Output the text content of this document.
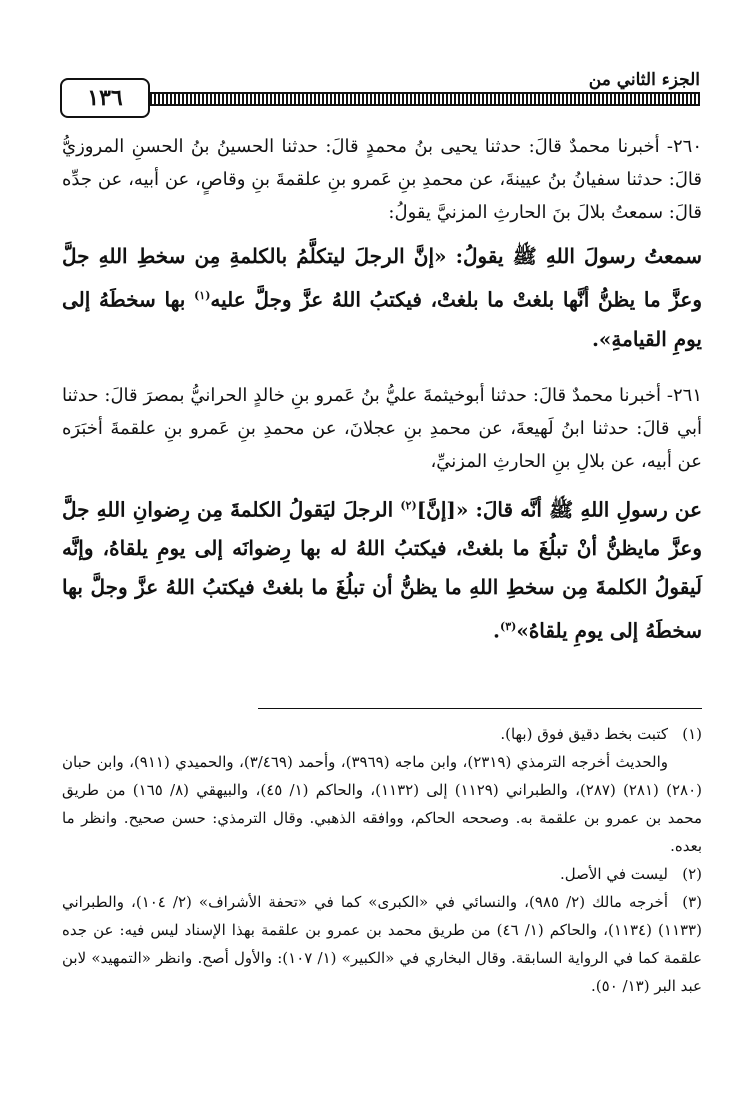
١٣٦
الجزء الثاني من

٢٦٠- أخبرنا محمدٌ قالَ: حدثنا يحيى بنُ محمدٍ قالَ: حدثنا الحسينُ بنُ الحسنِ المروزيُّ قالَ: حدثنا سفيانُ بنُ عيينةَ، عن محمدِ بنِ عَمرو بنِ علقمةَ بنِ وقاصٍ، عن أبيه، عن جدِّه قالَ: سمعتُ بلالَ بنَ الحارثِ المزنيَّ يقولُ:

سمعتُ رسولَ اللهِ ﷺ يقولُ: «إنَّ الرجلَ ليتكلَّمُ بالكلمةِ مِن سخطِ اللهِ جلَّ وعزَّ ما يظنُّ أنَّها بلغتْ ما بلغتْ، فيكتبُ اللهُ عزَّ وجلَّ عليه$^{(١)}$ بها سخطَهُ إلى يومِ القيامةِ».

٢٦١- أخبرنا محمدٌ قالَ: حدثنا أبوخيثمةَ عليُّ بنُ عَمرو بنِ خالدٍ الحرانيُّ بمصرَ قالَ: حدثنا أبي قالَ: حدثنا ابنُ لَهيعةَ، عن محمدِ بنِ عجلانَ، عن محمدِ بنِ عَمرو بنِ علقمةَ أخبَرَه عن أبيه، عن بلالِ بنِ الحارثِ المزنيِّ،

عن رسولِ اللهِ ﷺ أنَّه قالَ: «[إنَّ]$^{(٢)}$ الرجلَ ليَقولُ الكلمةَ مِن رِضوانِ اللهِ جلَّ وعزَّ مايظنُّ أنْ تبلُغَ ما بلغتْ، فيكتبُ اللهُ له بها رِضوانَه إلى يومِ يلقاهُ، وإنَّه لَيقولُ الكلمةَ مِن سخطِ اللهِ ما يظنُّ أن تبلُغَ ما بلغتْ فيكتبُ اللهُ عزَّ وجلَّ بها سخطَهُ إلى يومِ يلقاهُ»$^{(٣)}$.

(١)كتبت بخط دقيق فوق (بها).

والحديث أخرجه الترمذي (٢٣١٩)، وابن ماجه (٣٩٦٩)، وأحمد (٣/٤٦٩)، والحميدي (٩١١)، وابن حبان (٢٨٠) (٢٨١) (٢٨٧)، والطبراني (١١٢٩) إلى (١١٣٢)، والحاكم (١/ ٤٥)، والبيهقي (٨/ ١٦٥) من طريق محمد بن عمرو بن علقمة به. وصححه الحاكم، ووافقه الذهبي. وقال الترمذي: حسن صحيح. وانظر ما بعده.

(٢)ليست في الأصل.

(٣)أخرجه مالك (٢/ ٩٨٥)، والنسائي في «الكبرى» كما في «تحفة الأشراف» (٢/ ١٠٤)، والطبراني (١١٣٣) (١١٣٤)، والحاكم (١/ ٤٦) من طريق محمد بن عمرو بن علقمة بهذا الإسناد ليس فيه: عن جده علقمة كما في الرواية السابقة. وقال البخاري في «الكبير» (١/ ١٠٧): والأول أصح. وانظر «التمهيد» لابن عبد البر (١٣/ ٥٠).
